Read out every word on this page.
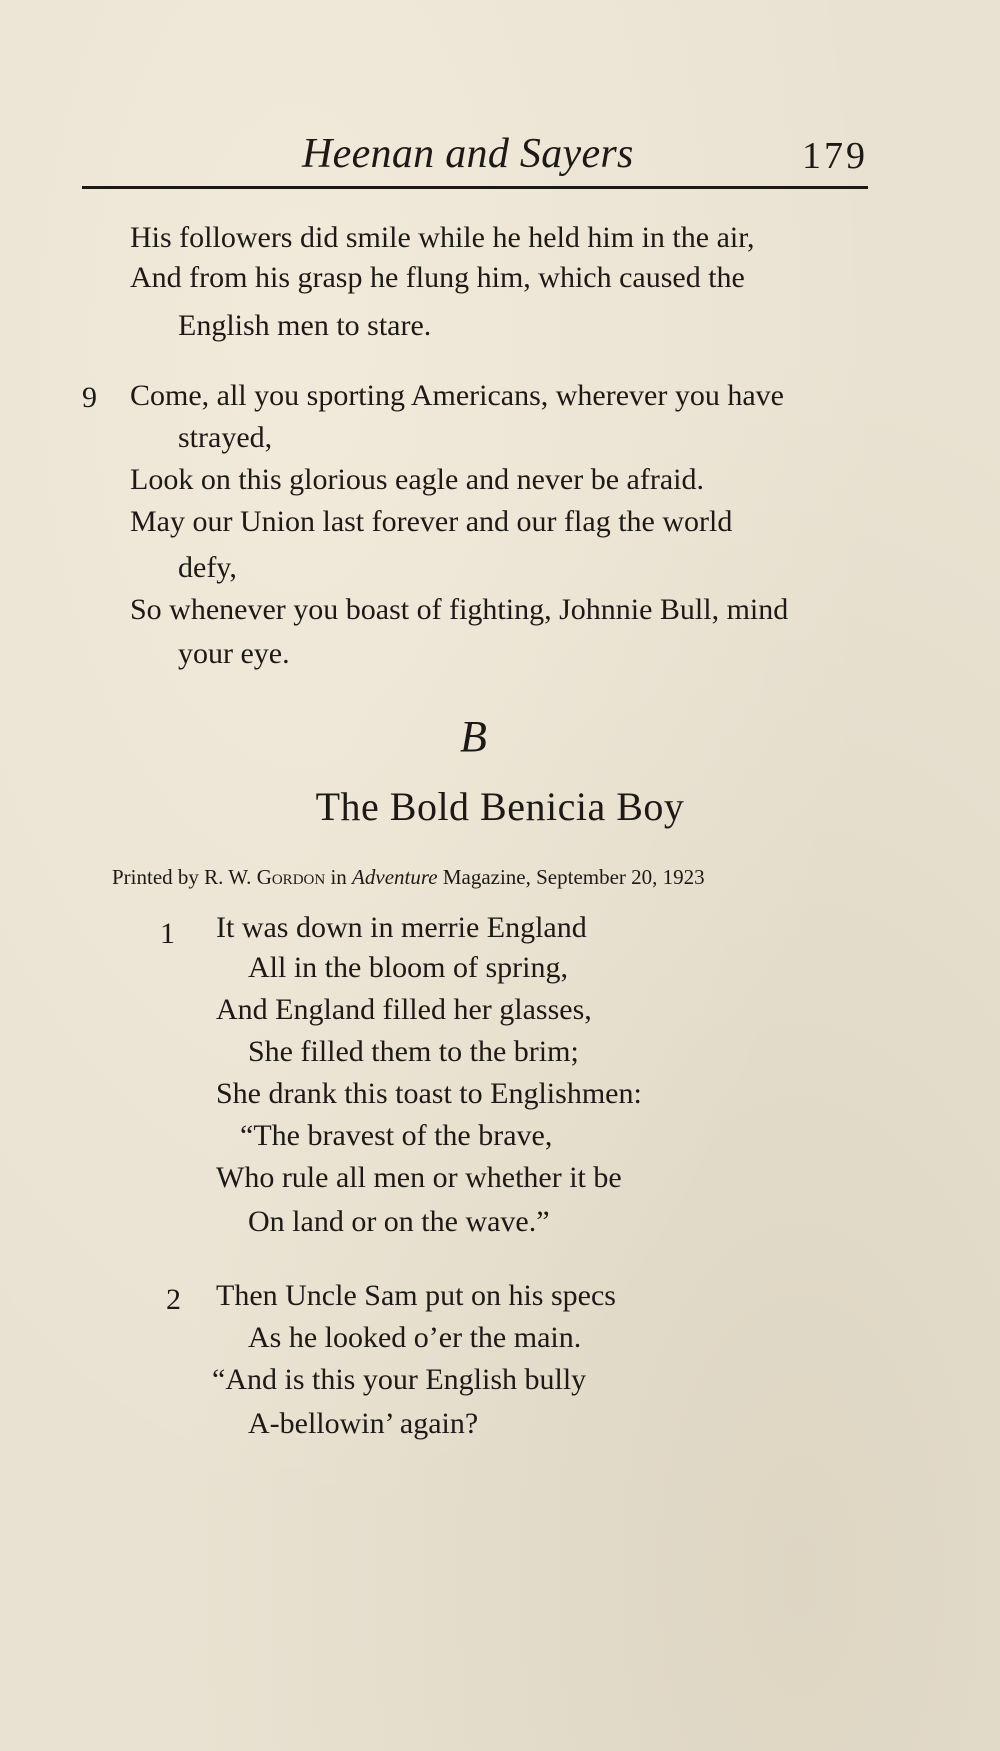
Heenan and Sayers	179
His followers did smile while he held him in the air,
And from his grasp he flung him, which caused the
English men to stare.
9 Come, all you sporting Americans, wherever you have
strayed,
Look on this glorious eagle and never be afraid.
May our Union last forever and our flag the world
defy,
So whenever you boast of fighting, Johnnie Bull, mind
your eye.
B
The Bold Benicia Boy
Printed by R. W. Gordon in Adventure Magazine, September 20, 1923
1 It was down in merrie England
All in the bloom of spring,
And England filled her glasses,
She filled them to the brim;
She drank this toast to Englishmen:
“The bravest of the brave,
Who rule all men or whether it be
On land or on the wave.”
2 Then Uncle Sam put on his specs
As he looked o’er the main.
“And is this your English bully
A-bellowin’ again?
